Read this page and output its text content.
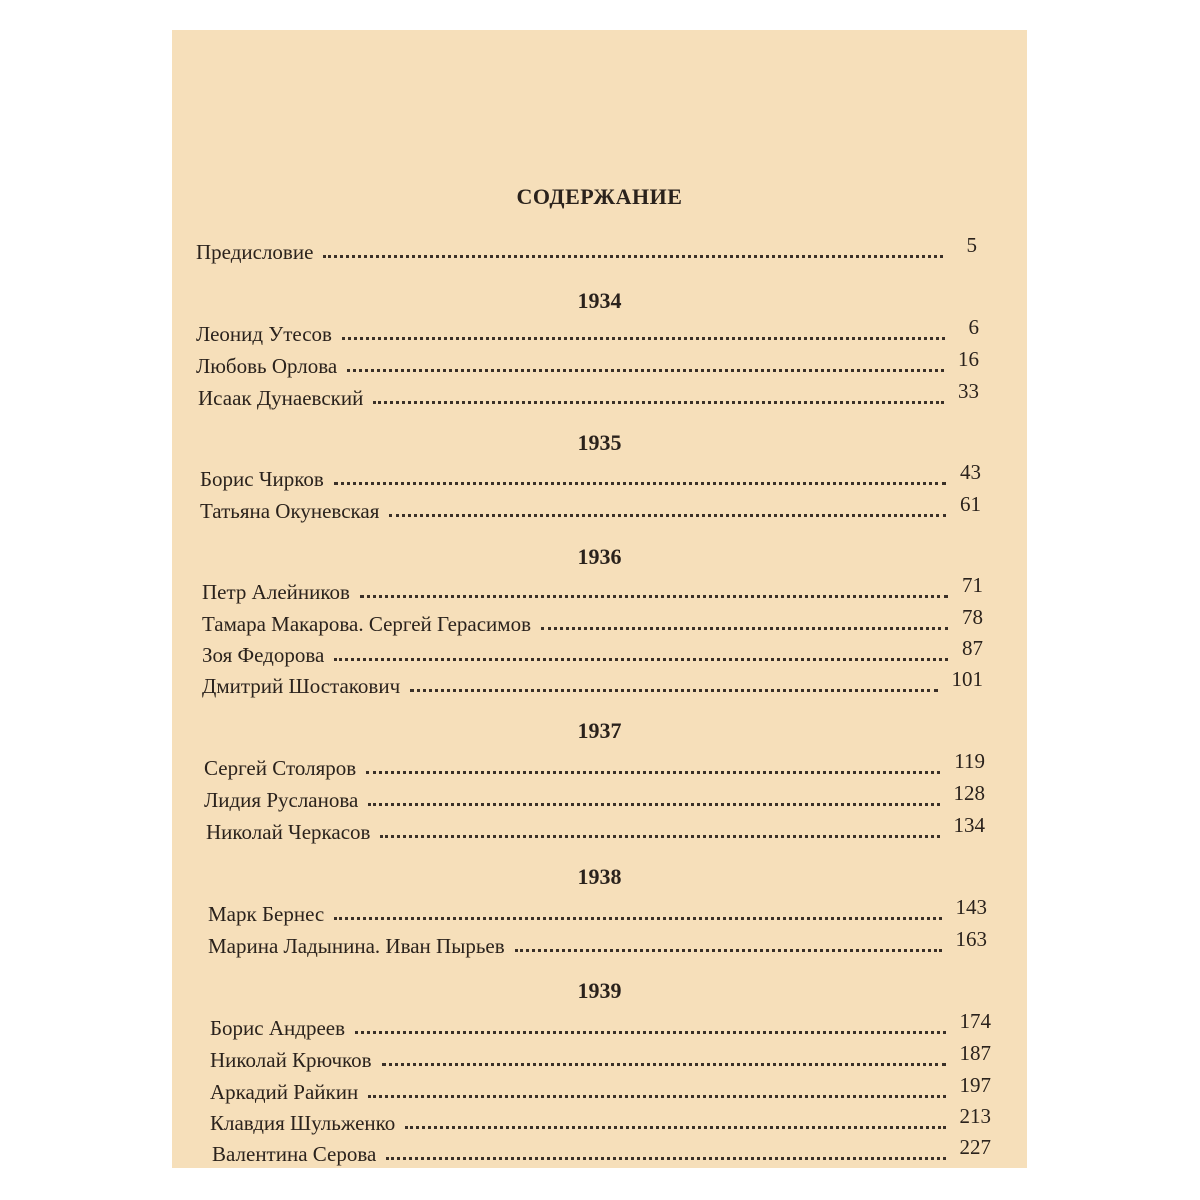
СОДЕРЖАНИЕ
Предисловие	5
1934
Леонид Утесов	6
Любовь Орлова	16
Исаак Дунаевский	33
1935
Борис Чирков	43
Татьяна Окуневская	61
1936
Петр Алейников	71
Тамара Макарова. Сергей Герасимов	78
Зоя Федорова	87
Дмитрий Шостакович	101
1937
Сергей Столяров	119
Лидия Русланова	128
Николай Черкасов	134
1938
Марк Бернес	143
Марина Ладынина. Иван Пырьев	163
1939
Борис Андреев	174
Николай Крючков	187
Аркадий Райкин	197
Клавдия Шульженко	213
Валентина Серова	227
